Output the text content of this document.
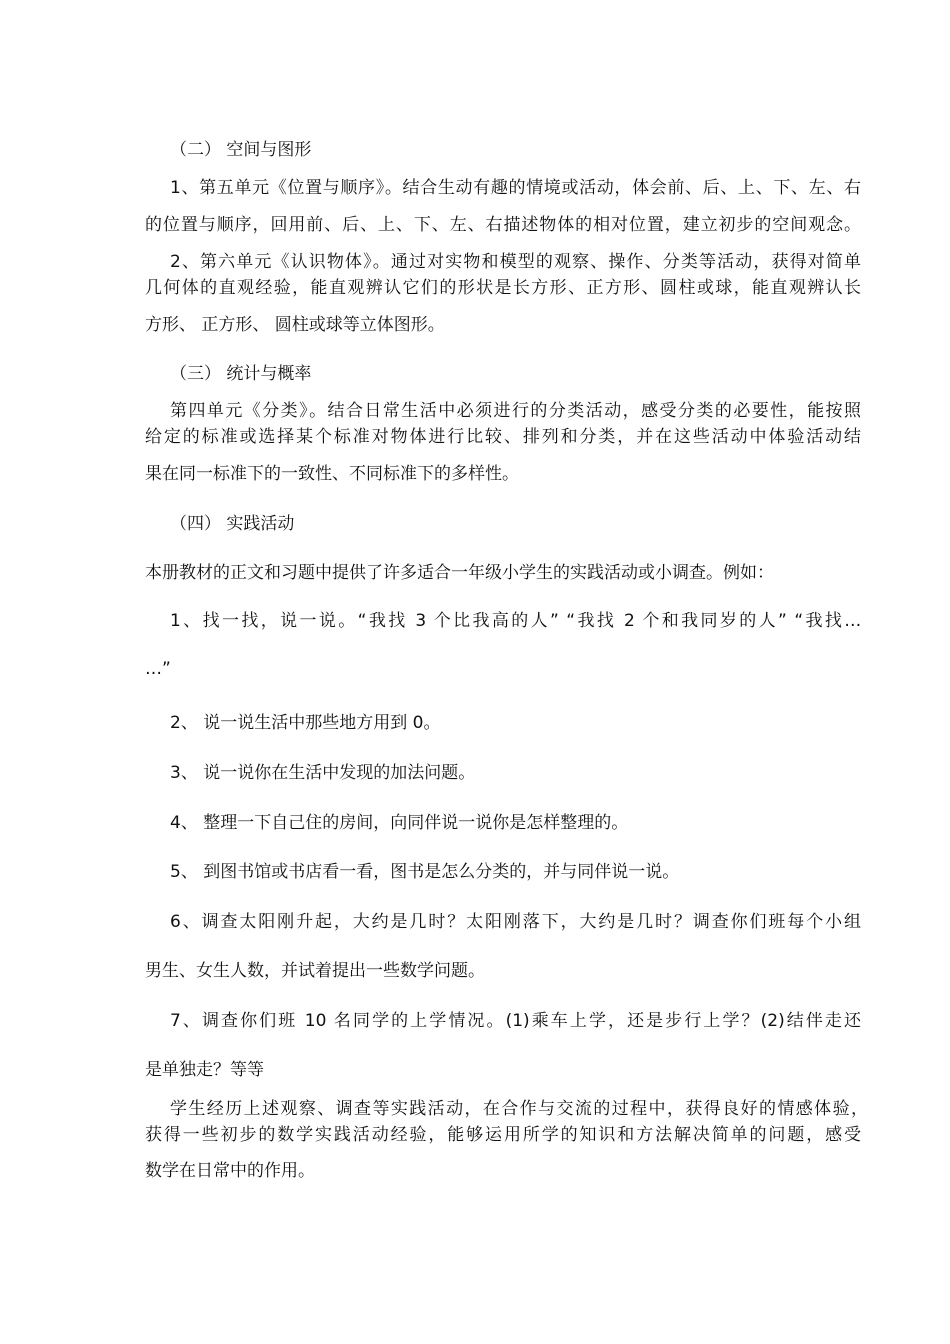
（二） 空间与图形
1、第五单元《位置与顺序》。结合生动有趣的情境或活动，体会前、后、上、下、左、右
的位置与顺序，回用前、后、上、下、左、右描述物体的相对位置，建立初步的空间观念。
2、第六单元《认识物体》。通过对实物和模型的观察、操作、分类等活动，获得对简单
几何体的直观经验，能直观辨认它们的形状是长方形、正方形、圆柱或球，能直观辨认长
方形、 正方形、 圆柱或球等立体图形。
（三） 统计与概率
第四单元《分类》。结合日常生活中必须进行的分类活动，感受分类的必要性，能按照
给定的标准或选择某个标准对物体进行比较、排列和分类，并在这些活动中体验活动结
果在同一标准下的一致性、不同标准下的多样性。
（四） 实践活动
本册教材的正文和习题中提供了许多适合一年级小学生的实践活动或小调查。例如：
1、找一找，说一说。“我找 3 个比我高的人” “我找 2 个和我同岁的人” “我找…
…”
2、 说一说生活中那些地方用到 0。
3、 说一说你在生活中发现的加法问题。
4、 整理一下自己住的房间，向同伴说一说你是怎样整理的。
5、 到图书馆或书店看一看，图书是怎么分类的，并与同伴说一说。
6、调查太阳刚升起，大约是几时？太阳刚落下，大约是几时？调查你们班每个小组
男生、女生人数，并试着提出一些数学问题。
7、调查你们班 10 名同学的上学情况。(1)乘车上学，还是步行上学？(2)结伴走还
是单独走？等等
学生经历上述观察、调查等实践活动，在合作与交流的过程中，获得良好的情感体验，
获得一些初步的数学实践活动经验，能够运用所学的知识和方法解决简单的问题，感受
数学在日常中的作用。
